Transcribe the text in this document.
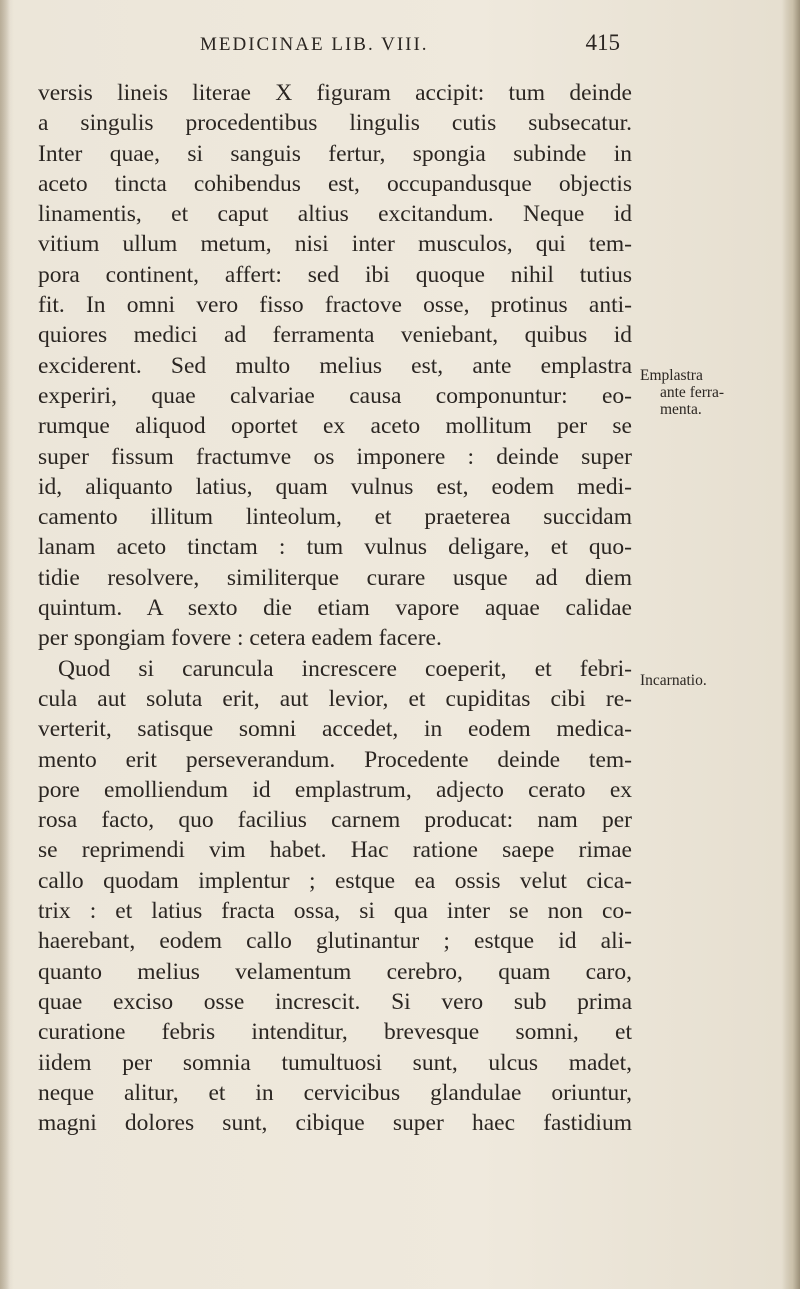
MEDICINAE LIB. VIII.	415
versis lineis literae X figuram accipit: tum deinde
a singulis procedentibus lingulis cutis subsecatur.
Inter quae, si sanguis fertur, spongia subinde in
aceto tincta cohibendus est, occupandusque objectis
linamentis, et caput altius excitandum. Neque id
vitium ullum metum, nisi inter musculos, qui tem-
pora continent, affert: sed ibi quoque nihil tutius
fit. In omni vero fisso fractove osse, protinus anti-
quiores medici ad ferramenta veniebant, quibus id
exciderent. Sed multo melius est, ante emplastra
experiri, quae calvariae causa componuntur: eo-
rumque aliquod oportet ex aceto mollitum per se
super fissum fractumve os imponere : deinde super
id, aliquanto latius, quam vulnus est, eodem medi-
camento illitum linteolum, et praeterea succidam
lanam aceto tinctam : tum vulnus deligare, et quo-
tidie resolvere, similiterque curare usque ad diem
quintum. A sexto die etiam vapore aquae calidae
per spongiam fovere : cetera eadem facere.
Quod si caruncula increscere coeperit, et febri-
cula aut soluta erit, aut levior, et cupiditas cibi re-
verterit, satisque somni accedet, in eodem medica-
mento erit perseverandum. Procedente deinde tem-
pore emolliendum id emplastrum, adjecto cerato ex
rosa facto, quo facilius carnem producat: nam per
se reprimendi vim habet. Hac ratione saepe rimae
callo quodam implentur ; estque ea ossis velut cica-
trix : et latius fracta ossa, si qua inter se non co-
haerebant, eodem callo glutinantur ; estque id ali-
quanto melius velamentum cerebro, quam caro,
quae exciso osse increscit. Si vero sub prima
curatione febris intenditur, brevesque somni, et
iidem per somnia tumultuosi sunt, ulcus madet,
neque alitur, et in cervicibus glandulae oriuntur,
magni dolores sunt, cibique super haec fastidium
Emplastra
ante ferra-
menta.
Incarnatio.
